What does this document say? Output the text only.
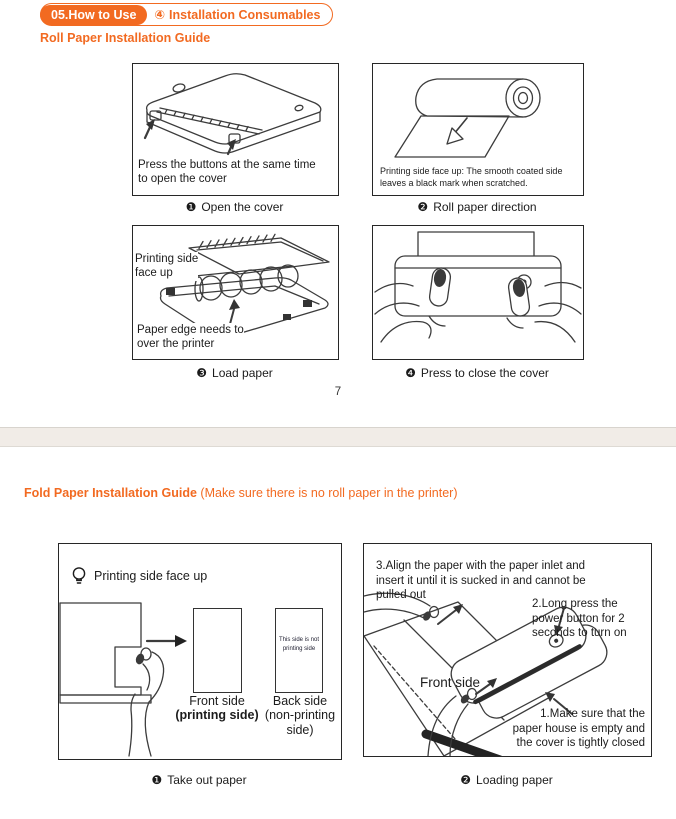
05.How to Use	④ Installation Consumables
Roll Paper Installation Guide
Press the buttons at the same time
to open the cover
❶ Open the cover
Printing side face up: The smooth coated side
leaves a black mark when scratched.
❷ Roll paper direction
Printing side
face up
Paper edge needs to
over the printer
❸ Load paper	❹ Press to close the cover
7
Fold Paper Installation Guide (Make sure there is no roll paper in the printer)
Printing side face up
This side is not
printing side
Front side
(printing side)
Back side
(non-printing
side)
❶ Take out paper
3.Align the paper with the paper inlet and
insert it until it is sucked in and cannot be
pulled out
2.Long press the
power button for 2
seconds to turn on
Front side
1.Make sure that the
paper house is empty and
the cover is tightly closed
❷ Loading paper
